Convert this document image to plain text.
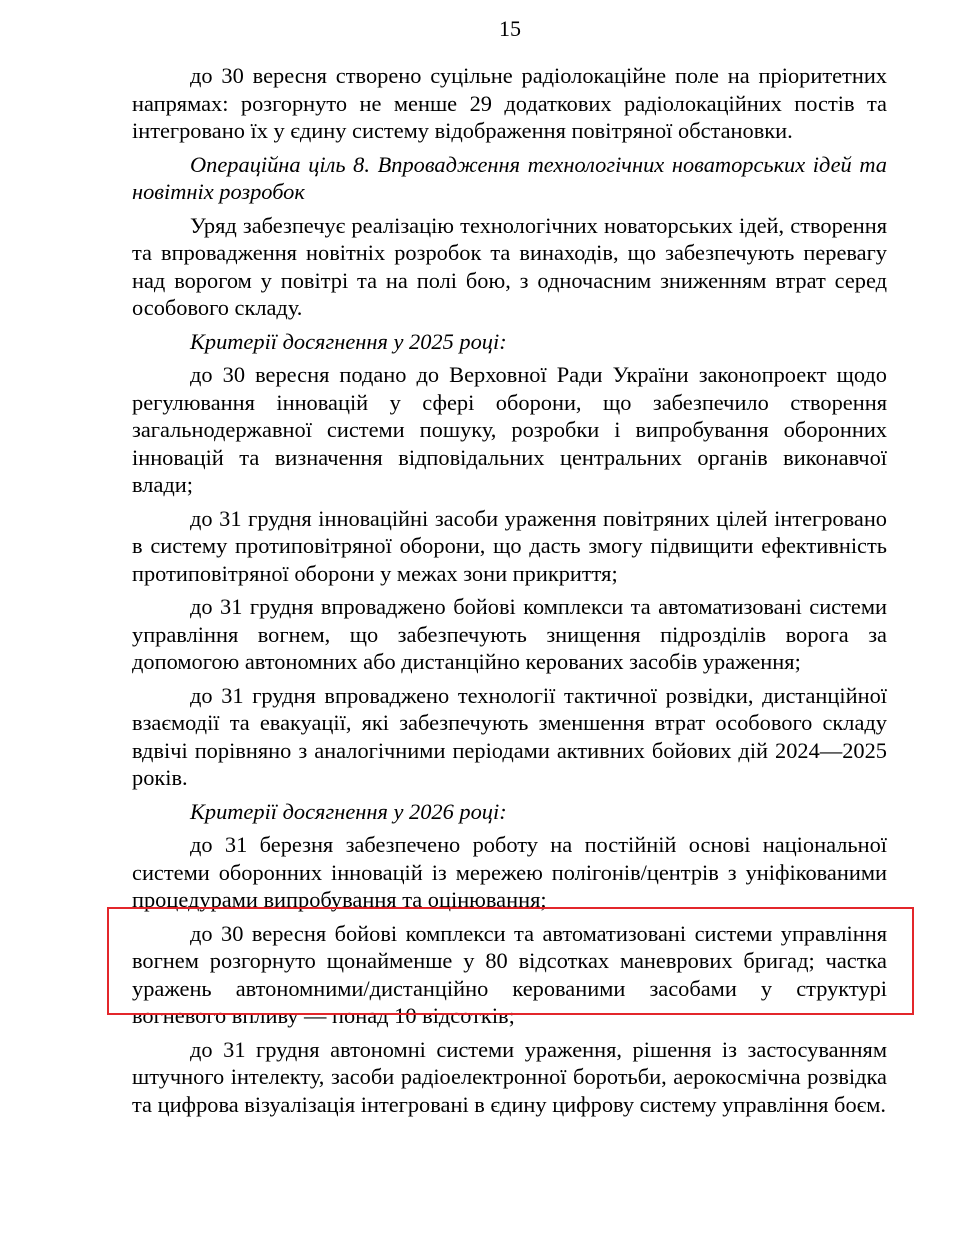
15

до 30 вересня створено суцільне радіолокаційне поле на пріоритетних напрямах: розгорнуто не менше 29 додаткових радіолокаційних постів та інтегровано їх у єдину систему відображення повітряної обстановки.

Операційна ціль 8. Впровадження технологічних новаторських ідей та новітніх розробок

Уряд забезпечує реалізацію технологічних новаторських ідей, створення та впровадження новітніх розробок та винаходів, що забезпечують перевагу над ворогом у повітрі та на полі бою, з одночасним зниженням втрат серед особового складу.

Критерії досягнення у 2025 році:

до 30 вересня подано до Верховної Ради України законопроект щодо регулювання інновацій у сфері оборони, що забезпечило створення загальнодержавної системи пошуку, розробки і випробування оборонних інновацій та визначення відповідальних центральних органів виконавчої влади;

до 31 грудня інноваційні засоби ураження повітряних цілей інтегровано в систему протиповітряної оборони, що дасть змогу підвищити ефективність протиповітряної оборони у межах зони прикриття;

до 31 грудня впроваджено бойові комплекси та автоматизовані системи управління вогнем, що забезпечують знищення підрозділів ворога за допомогою автономних або дистанційно керованих засобів ураження;

до 31 грудня впроваджено технології тактичної розвідки, дистанційної взаємодії та евакуації, які забезпечують зменшення втрат особового складу вдвічі порівняно з аналогічними періодами активних бойових дій 2024—2025 років.

Критерії досягнення у 2026 році:

до 31 березня забезпечено роботу на постійній основі національної системи оборонних інновацій із мережею полігонів/центрів з уніфікованими процедурами випробування та оцінювання;

до 30 вересня бойові комплекси та автоматизовані системи управління вогнем розгорнуто щонайменше у 80 відсотках маневрових бригад; частка уражень автономними/дистанційно керованими засобами у структурі вогневого впливу — понад 10 відсотків;

до 31 грудня автономні системи ураження, рішення із застосуванням штучного інтелекту, засоби радіоелектронної боротьби, аерокосмічна розвідка та цифрова візуалізація інтегровані в єдину цифрову систему управління боєм.
